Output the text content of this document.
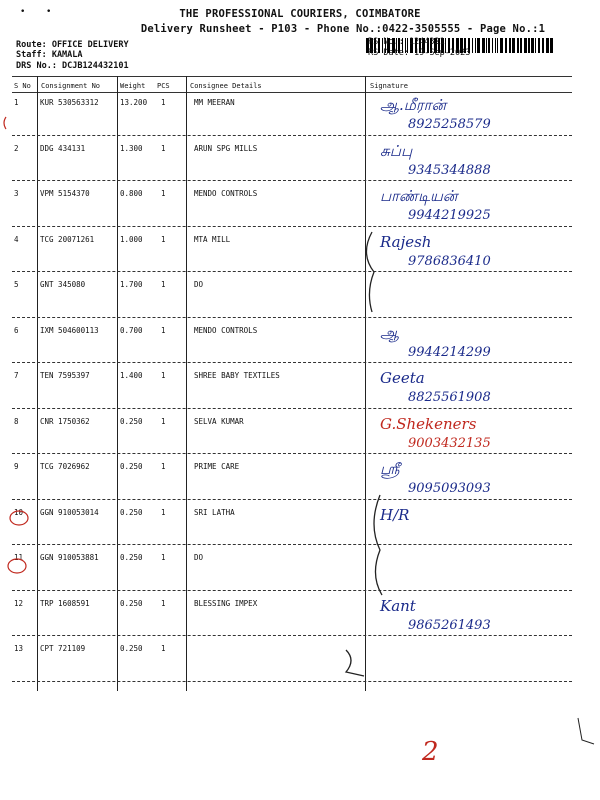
• •	THE PROFESSIONAL COURIERS, COIMBATORE
Delivery Runsheet - P103 - Phone No.:0422-3505555 - Page No.:1
Route: OFFICE DELIVERY
Staff: KAMALA
DRS No.: DCJB124432101
RS No.: 1244321
RS Date: 19-Sep-2023
S No Consignment No	Weight PCS	Consignee Details	Signature
1	KUR 530563312	13.200 1	MM MEERAN	ஆ.மீரான்
8925258579
2	DDG 434131	1.300 1	ARUN SPG MILLS	சுப்பு
9345344888
3	VPM 5154370	0.800 1	MENDO CONTROLS	பாண்டியன்
9944219925
4	TCG 20071261	1.000 1	MTA MILL	Rajesh
9786836410
5	GNT 345080	1.700 1	DO
6	IXM 504600113	0.700 1	MENDO CONTROLS	ஆ
9944214299
7	TEN 7595397	1.400 1	SHREE BABY TEXTILES	Geeta
8825561908
8	CNR 1750362	0.250 1	SELVA KUMAR	G.Shekeners
9003432135
9	TCG 7026962	0.250 1	PRIME CARE	ஸ்ரீ
9095093093
10 GGN 910053014	0.250 1	SRI LATHA	H/R
11 GGN 910053881	0.250 1	DO
12 TRP 1608591	0.250 1	BLESSING IMPEX	Kant
9865261493
13 CPT 721109	0.250 1
2
